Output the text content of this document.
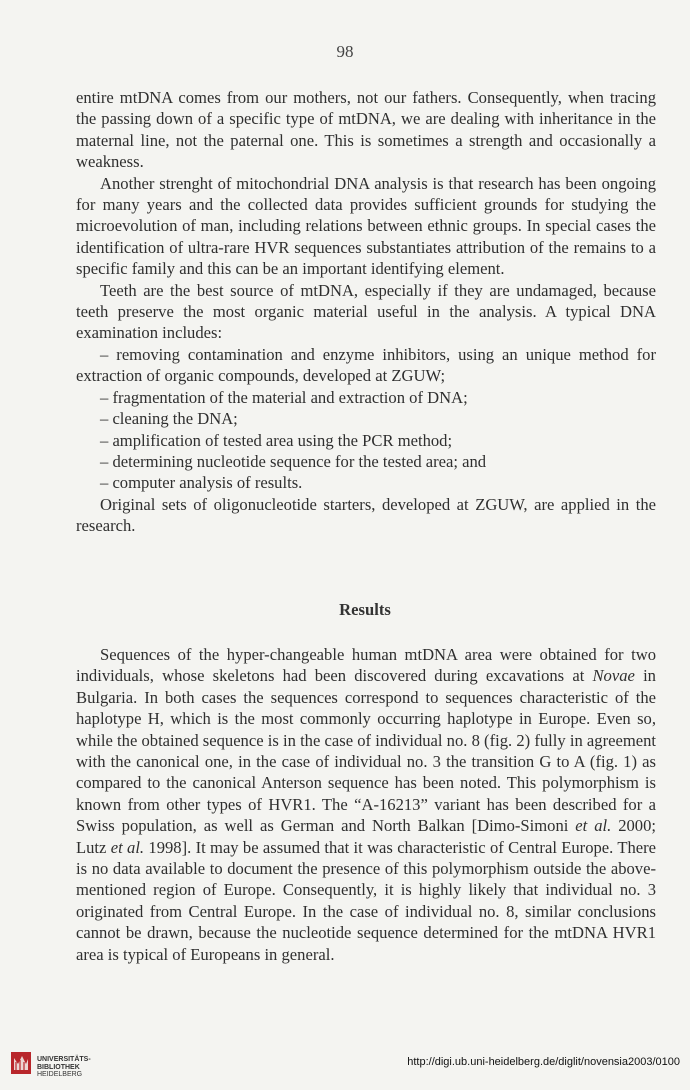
98

entire mtDNA comes from our mothers, not our fathers. Consequently, when tracing the passing down of a specific type of mtDNA, we are dealing with inheritance in the maternal line, not the paternal one. This is sometimes a strength and occasionally a weakness.

Another strenght of mitochondrial DNA analysis is that research has been ongoing for many years and the collected data provides sufficient grounds for studying the microevolution of man, including relations between ethnic groups. In special cases the identification of ultra-rare HVR sequences substantiates attribution of the remains to a specific family and this can be an important identifying element.

Teeth are the best source of mtDNA, especially if they are undamaged, because teeth preserve the most organic material useful in the analysis. A typical DNA examination includes:

– removing contamination and enzyme inhibitors, using an unique method for extraction of organic compounds, developed at ZGUW;

– fragmentation of the material and extraction of DNA;

– cleaning the DNA;

– amplification of tested area using the PCR method;

– determining nucleotide sequence for the tested area; and

– computer analysis of results.

Original sets of oligonucleotide starters, developed at ZGUW, are applied in the research.

Results

Sequences of the hyper-changeable human mtDNA area were obtained for two individuals, whose skeletons had been discovered during excavations at Novae in Bulgaria. In both cases the sequences correspond to sequences characteristic of the haplotype H, which is the most commonly occurring haplotype in Europe. Even so, while the obtained sequence is in the case of individual no. 8 (fig. 2) fully in agreement with the canonical one, in the case of individual no. 3 the transition G to A (fig. 1) as compared to the canonical Anterson sequence has been noted. This polymorphism is known from other types of HVR1. The “A-16213” variant has been described for a Swiss population, as well as German and North Balkan [Dimo-Simoni et al. 2000; Lutz et al. 1998]. It may be assumed that it was characteristic of Central Europe. There is no data available to document the presence of this polymorphism outside the above-mentioned region of Europe. Consequently, it is highly likely that individual no. 3 originated from Central Europe. In the case of individual no. 8, similar conclusions cannot be drawn, because the nucleotide sequence determined for the mtDNA HVR1 area is typical of Europeans in general.

UNIVERSITÄTS-
BIBLIOTHEK
HEIDELBERG
http://digi.ub.uni-heidelberg.de/diglit/novensia2003/0100
